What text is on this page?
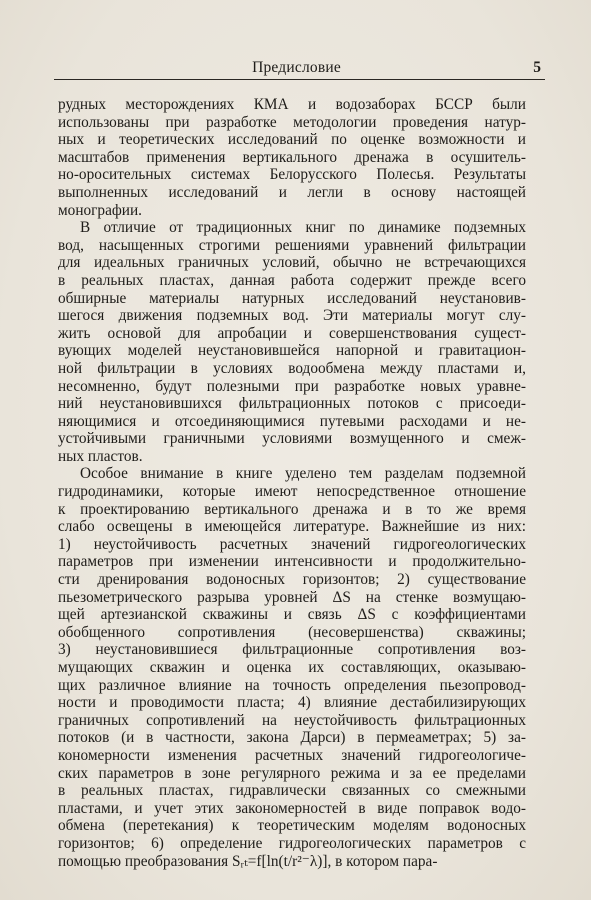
Предисловие	5
рудных месторождениях КМА и водозаборах БССР были
использованы при разработке методологии проведения натур-
ных и теоретических исследований по оценке возможности и
масштабов применения вертикального дренажа в осушитель-
но-оросительных системах Белорусского Полесья. Результаты
выполненных исследований и легли в основу настоящей
монографии.
В отличие от традиционных книг по динамике подземных
вод, насыщенных строгими решениями уравнений фильтрации
для идеальных граничных условий, обычно не встречающихся
в реальных пластах, данная работа содержит прежде всего
обширные материалы натурных исследований неустановив-
шегося движения подземных вод. Эти материалы могут слу-
жить основой для апробации и совершенствования сущест-
вующих моделей неустановившейся напорной и гравитацион-
ной фильтрации в условиях водообмена между пластами и,
несомненно, будут полезными при разработке новых уравне-
ний неустановившихся фильтрационных потоков с присоеди-
няющимися и отсоединяющимися путевыми расходами и не-
устойчивыми граничными условиями возмущенного и смеж-
ных пластов.
Особое внимание в книге уделено тем разделам подземной
гидродинамики, которые имеют непосредственное отношение
к проектированию вертикального дренажа и в то же время
слабо освещены в имеющейся литературе. Важнейшие из них:
1) неустойчивость расчетных значений гидрогеологических
параметров при изменении интенсивности и продолжительно-
сти дренирования водоносных горизонтов; 2) существование
пьезометрического разрыва уровней ΔS на стенке возмущаю-
щей артезианской скважины и связь ΔS с коэффициентами
обобщенного сопротивления (несовершенства) скважины;
3) неустановившиеся фильтрационные сопротивления воз-
мущающих скважин и оценка их составляющих, оказываю-
щих различное влияние на точность определения пьезопровод-
ности и проводимости пласта; 4) влияние дестабилизирующих
граничных сопротивлений на неустойчивость фильтрационных
потоков (и в частности, закона Дарси) в пермеаметрах; 5) за-
кономерности изменения расчетных значений гидрогеологиче-
ских параметров в зоне регулярного режима и за ее пределами
в реальных пластах, гидравлически связанных со смежными
пластами, и учет этих закономерностей в виде поправок водо-
обмена (перетекания) к теоретическим моделям водоносных
горизонтов; 6) определение гидрогеологических параметров с
помощью преобразования Sᵣₜ=f[ln(t/r²⁻λ)], в котором пара-
